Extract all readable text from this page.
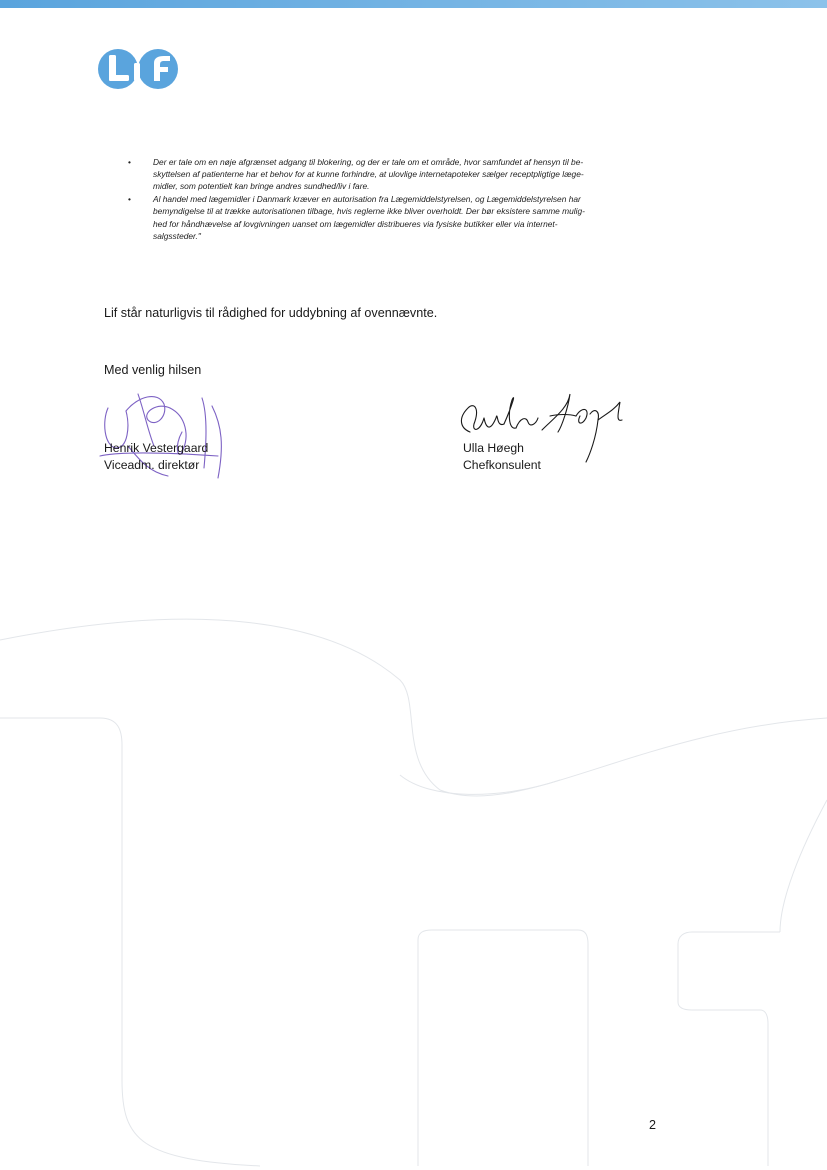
•	Der er tale om en nøje afgrænset adgang til blokering, og der er tale om et område, hvor samfundet af hensyn til be-
skyttelsen af patienterne har et behov for at kunne forhindre, at ulovlige internetapoteker sælger receptpligtige læge-
midler, som potentielt kan bringe andres sundhed/liv i fare.
•	Al handel med lægemidler i Danmark kræver en autorisation fra Lægemiddelstyrelsen, og Lægemiddelstyrelsen har
bemyndigelse til at trække autorisationen tilbage, hvis reglerne ikke bliver overholdt. Der bør eksistere samme mulig-
hed for håndhævelse af lovgivningen uanset om lægemidler distribueres via fysiske butikker eller via internet-
salgssteder."

Lif står naturligvis til rådighed for uddybning af ovennævnte.

Med venlig hilsen
Henrik Vestergaard
Viceadm. direktør
Ulla Høegh
Chefkonsulent
2
